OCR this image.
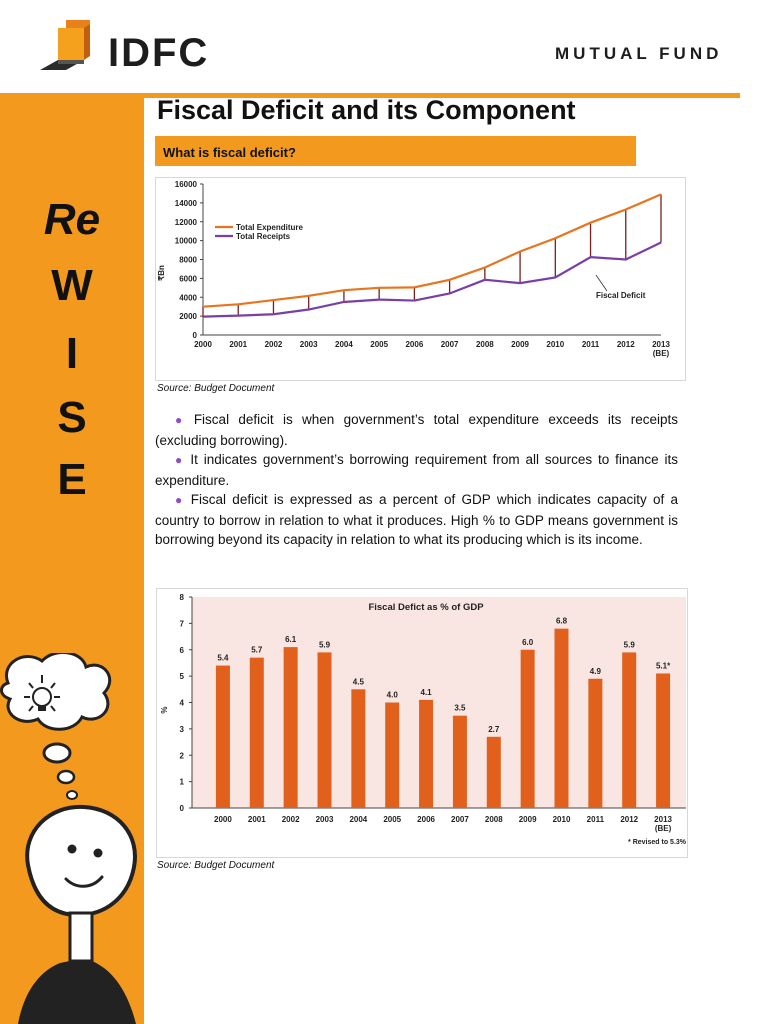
IDFC	MUTUAL FUND
Re
W
I
S
E
Fiscal Deficit and its Component
What is fiscal deficit?
0
2000
4000
6000
8000
10000
12000
14000
16000
₹Bn
2000 2001 2002 2003 2004 2005 2006 2007 2008 2009 2010 2011 2012 2013
(BE)
Total Expenditure
Total Receipts
Fiscal Deficit
Source: Budget Document

● Fiscal deficit is when government’s total expenditure exceeds its receipts (excluding borrowing).

● It indicates government’s borrowing requirement from all sources to finance its expenditure.

● Fiscal deficit is expressed as a percent of GDP which indicates capacity of a country to borrow in relation to what it produces. High % to GDP means government is borrowing beyond its capacity in relation to what its producing which is its income.

0
1
2
3
4
5
6
7
8
%
Fiscal Defict as % of GDP
5.4
2000
5.7
2001
6.1
2002
5.9
2003
4.5
2004
4.0
2005
4.1
2006
3.5
2007
2.7
2008
6.0
2009
6.8
2010
4.9
2011
5.9
2012
5.1*
2013
(BE)
* Revised to 5.3%
Source: Budget Document
